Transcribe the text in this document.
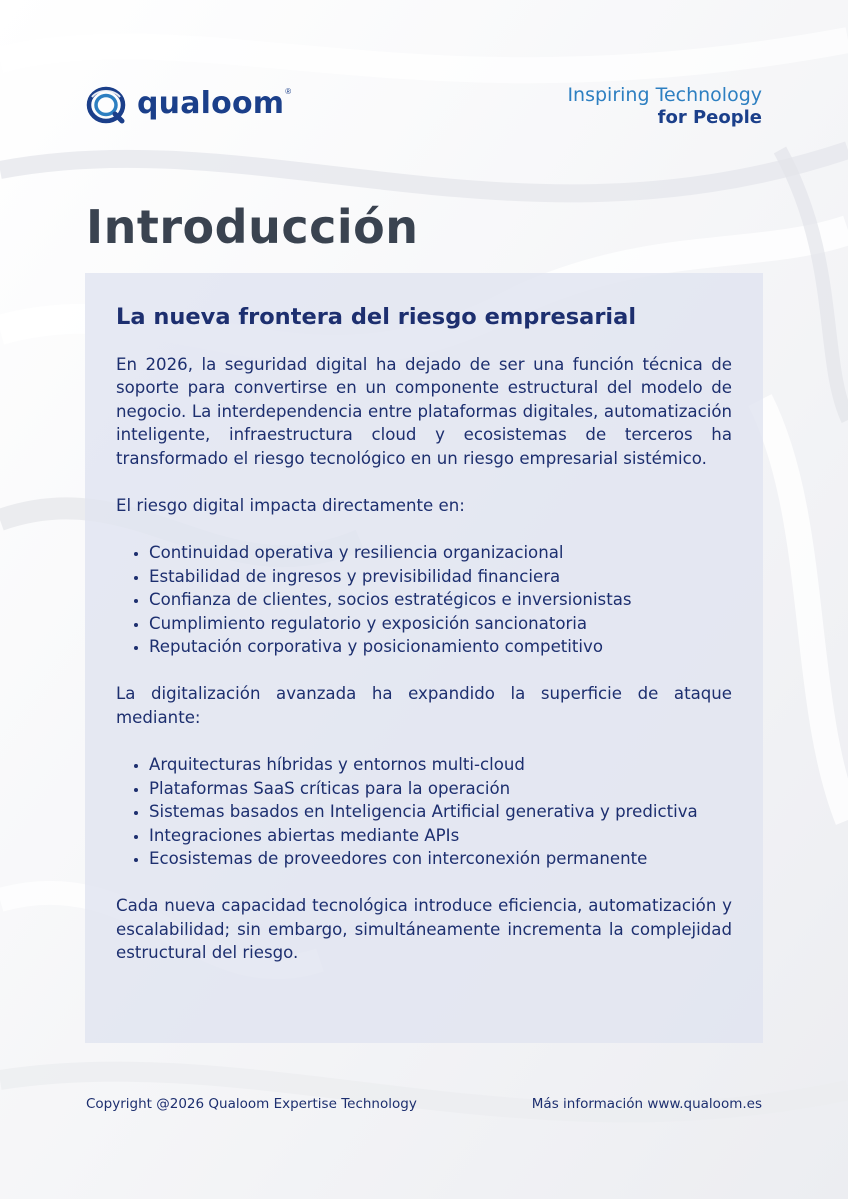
qualoom ®	Inspiring Technology
for People
Introducción
La nueva frontera del riesgo empresarial

En 2026, la seguridad digital ha dejado de ser una función técnica de soporte para convertirse en un componente estructural del modelo de negocio. La interdependencia entre plataformas digitales, automatización inteligente, infraestructura cloud y ecosistemas de terceros ha transformado el riesgo tecnológico en un riesgo empresarial sistémico.

El riesgo digital impacta directamente en:

• Continuidad operativa y resiliencia organizacional
• Estabilidad de ingresos y previsibilidad financiera
• Confianza de clientes, socios estratégicos e inversionistas
• Cumplimiento regulatorio y exposición sancionatoria
• Reputación corporativa y posicionamiento competitivo

La digitalización avanzada ha expandido la superficie de ataque mediante:

• Arquitecturas híbridas y entornos multi-cloud
• Plataformas SaaS críticas para la operación
• Sistemas basados en Inteligencia Artificial generativa y predictiva
• Integraciones abiertas mediante APIs
• Ecosistemas de proveedores con interconexión permanente

Cada nueva capacidad tecnológica introduce eficiencia, automatización y escalabilidad; sin embargo, simultáneamente incrementa la complejidad estructural del riesgo.

Copyright @2026 Qualoom Expertise Technology	Más información www.qualoom.es
